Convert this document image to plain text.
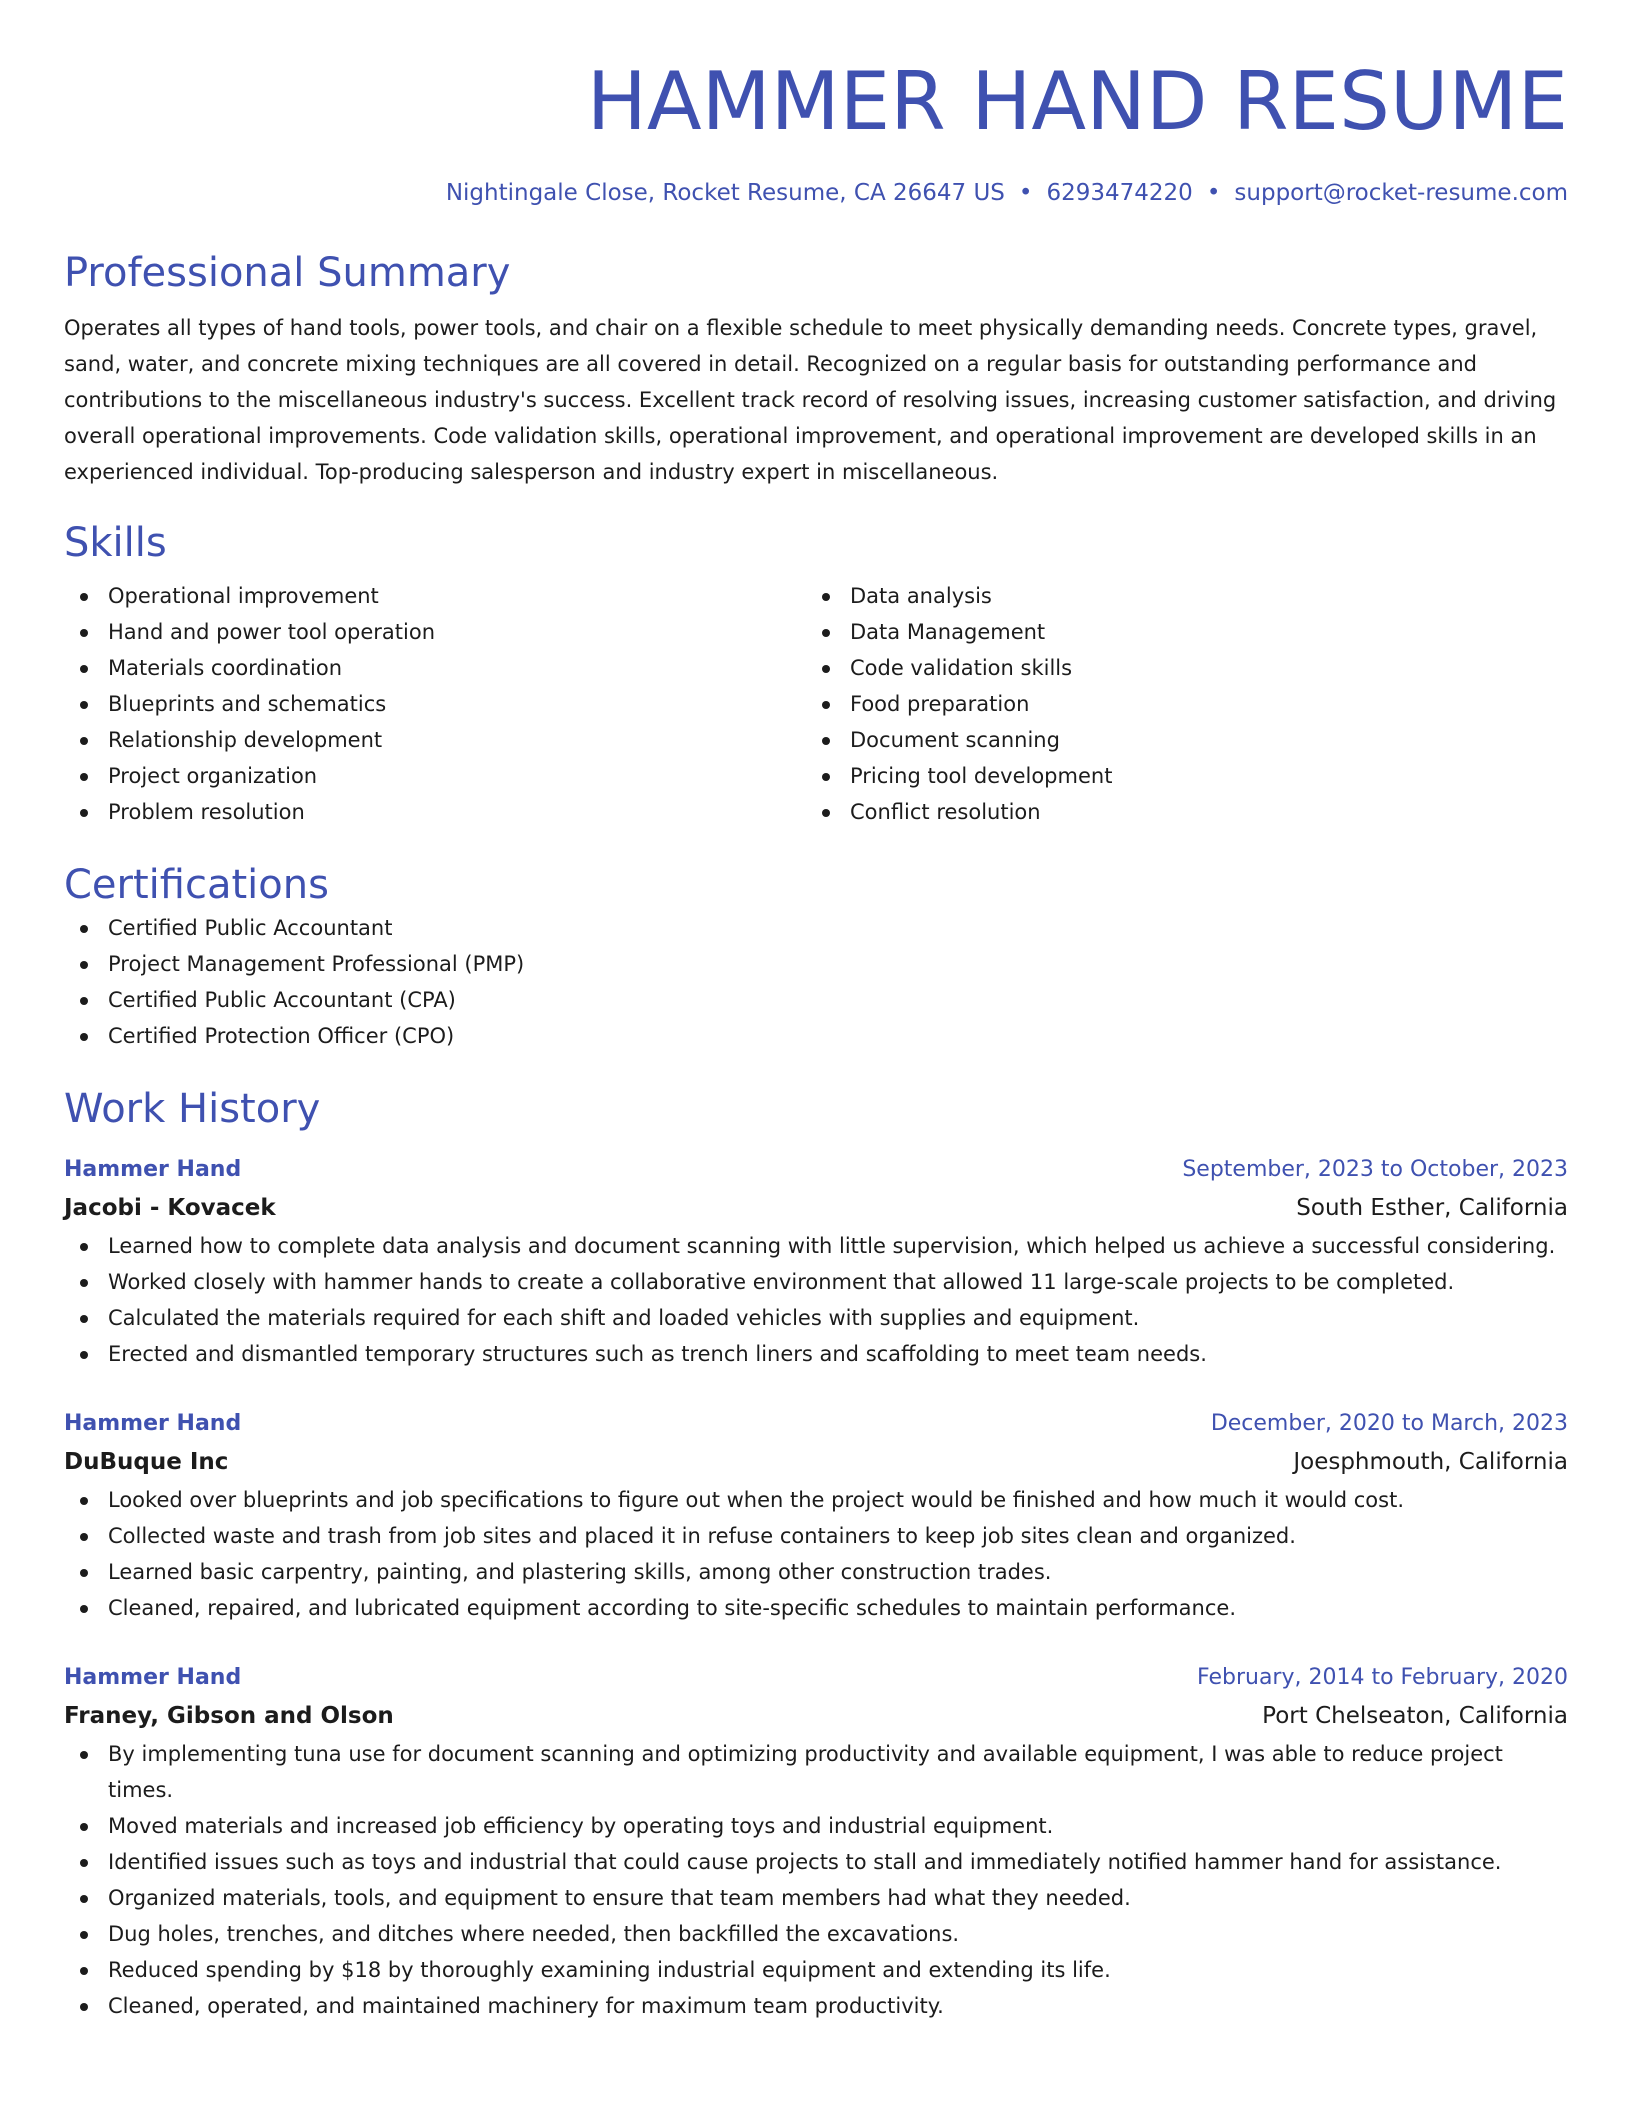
HAMMER HAND RESUME
Nightingale Close, Rocket Resume, CA 26647 US • 6293474220 • support@rocket-resume.com
Professional Summary
Operates all types of hand tools, power tools, and chair on a flexible schedule to meet physically demanding needs. Concrete types, gravel, sand, water, and concrete mixing techniques are all covered in detail. Recognized on a regular basis for outstanding performance and contributions to the miscellaneous industry's success. Excellent track record of resolving issues, increasing customer satisfaction, and driving overall operational improvements. Code validation skills, operational improvement, and operational improvement are developed skills in an experienced individual. Top-producing salesperson and industry expert in miscellaneous.
Skills
Operational improvement
Hand and power tool operation
Materials coordination
Blueprints and schematics
Relationship development
Project organization
Problem resolution
Data analysis
Data Management
Code validation skills
Food preparation
Document scanning
Pricing tool development
Conflict resolution
Certifications
Certified Public Accountant
Project Management Professional (PMP)
Certified Public Accountant (CPA)
Certified Protection Officer (CPO)
Work History
Hammer Hand	September, 2023 to October, 2023
Jacobi - Kovacek	South Esther, California
Learned how to complete data analysis and document scanning with little supervision, which helped us achieve a successful considering.
Worked closely with hammer hands to create a collaborative environment that allowed 11 large-scale projects to be completed.
Calculated the materials required for each shift and loaded vehicles with supplies and equipment.
Erected and dismantled temporary structures such as trench liners and scaffolding to meet team needs.
Hammer Hand	December, 2020 to March, 2023
DuBuque Inc	Joesphmouth, California
Looked over blueprints and job specifications to figure out when the project would be finished and how much it would cost.
Collected waste and trash from job sites and placed it in refuse containers to keep job sites clean and organized.
Learned basic carpentry, painting, and plastering skills, among other construction trades.
Cleaned, repaired, and lubricated equipment according to site-specific schedules to maintain performance.
Hammer Hand	February, 2014 to February, 2020
Franey, Gibson and Olson	Port Chelseaton, California
By implementing tuna use for document scanning and optimizing productivity and available equipment, I was able to reduce project times.
Moved materials and increased job efficiency by operating toys and industrial equipment.
Identified issues such as toys and industrial that could cause projects to stall and immediately notified hammer hand for assistance.
Organized materials, tools, and equipment to ensure that team members had what they needed.
Dug holes, trenches, and ditches where needed, then backfilled the excavations.
Reduced spending by $18 by thoroughly examining industrial equipment and extending its life.
Cleaned, operated, and maintained machinery for maximum team productivity.
